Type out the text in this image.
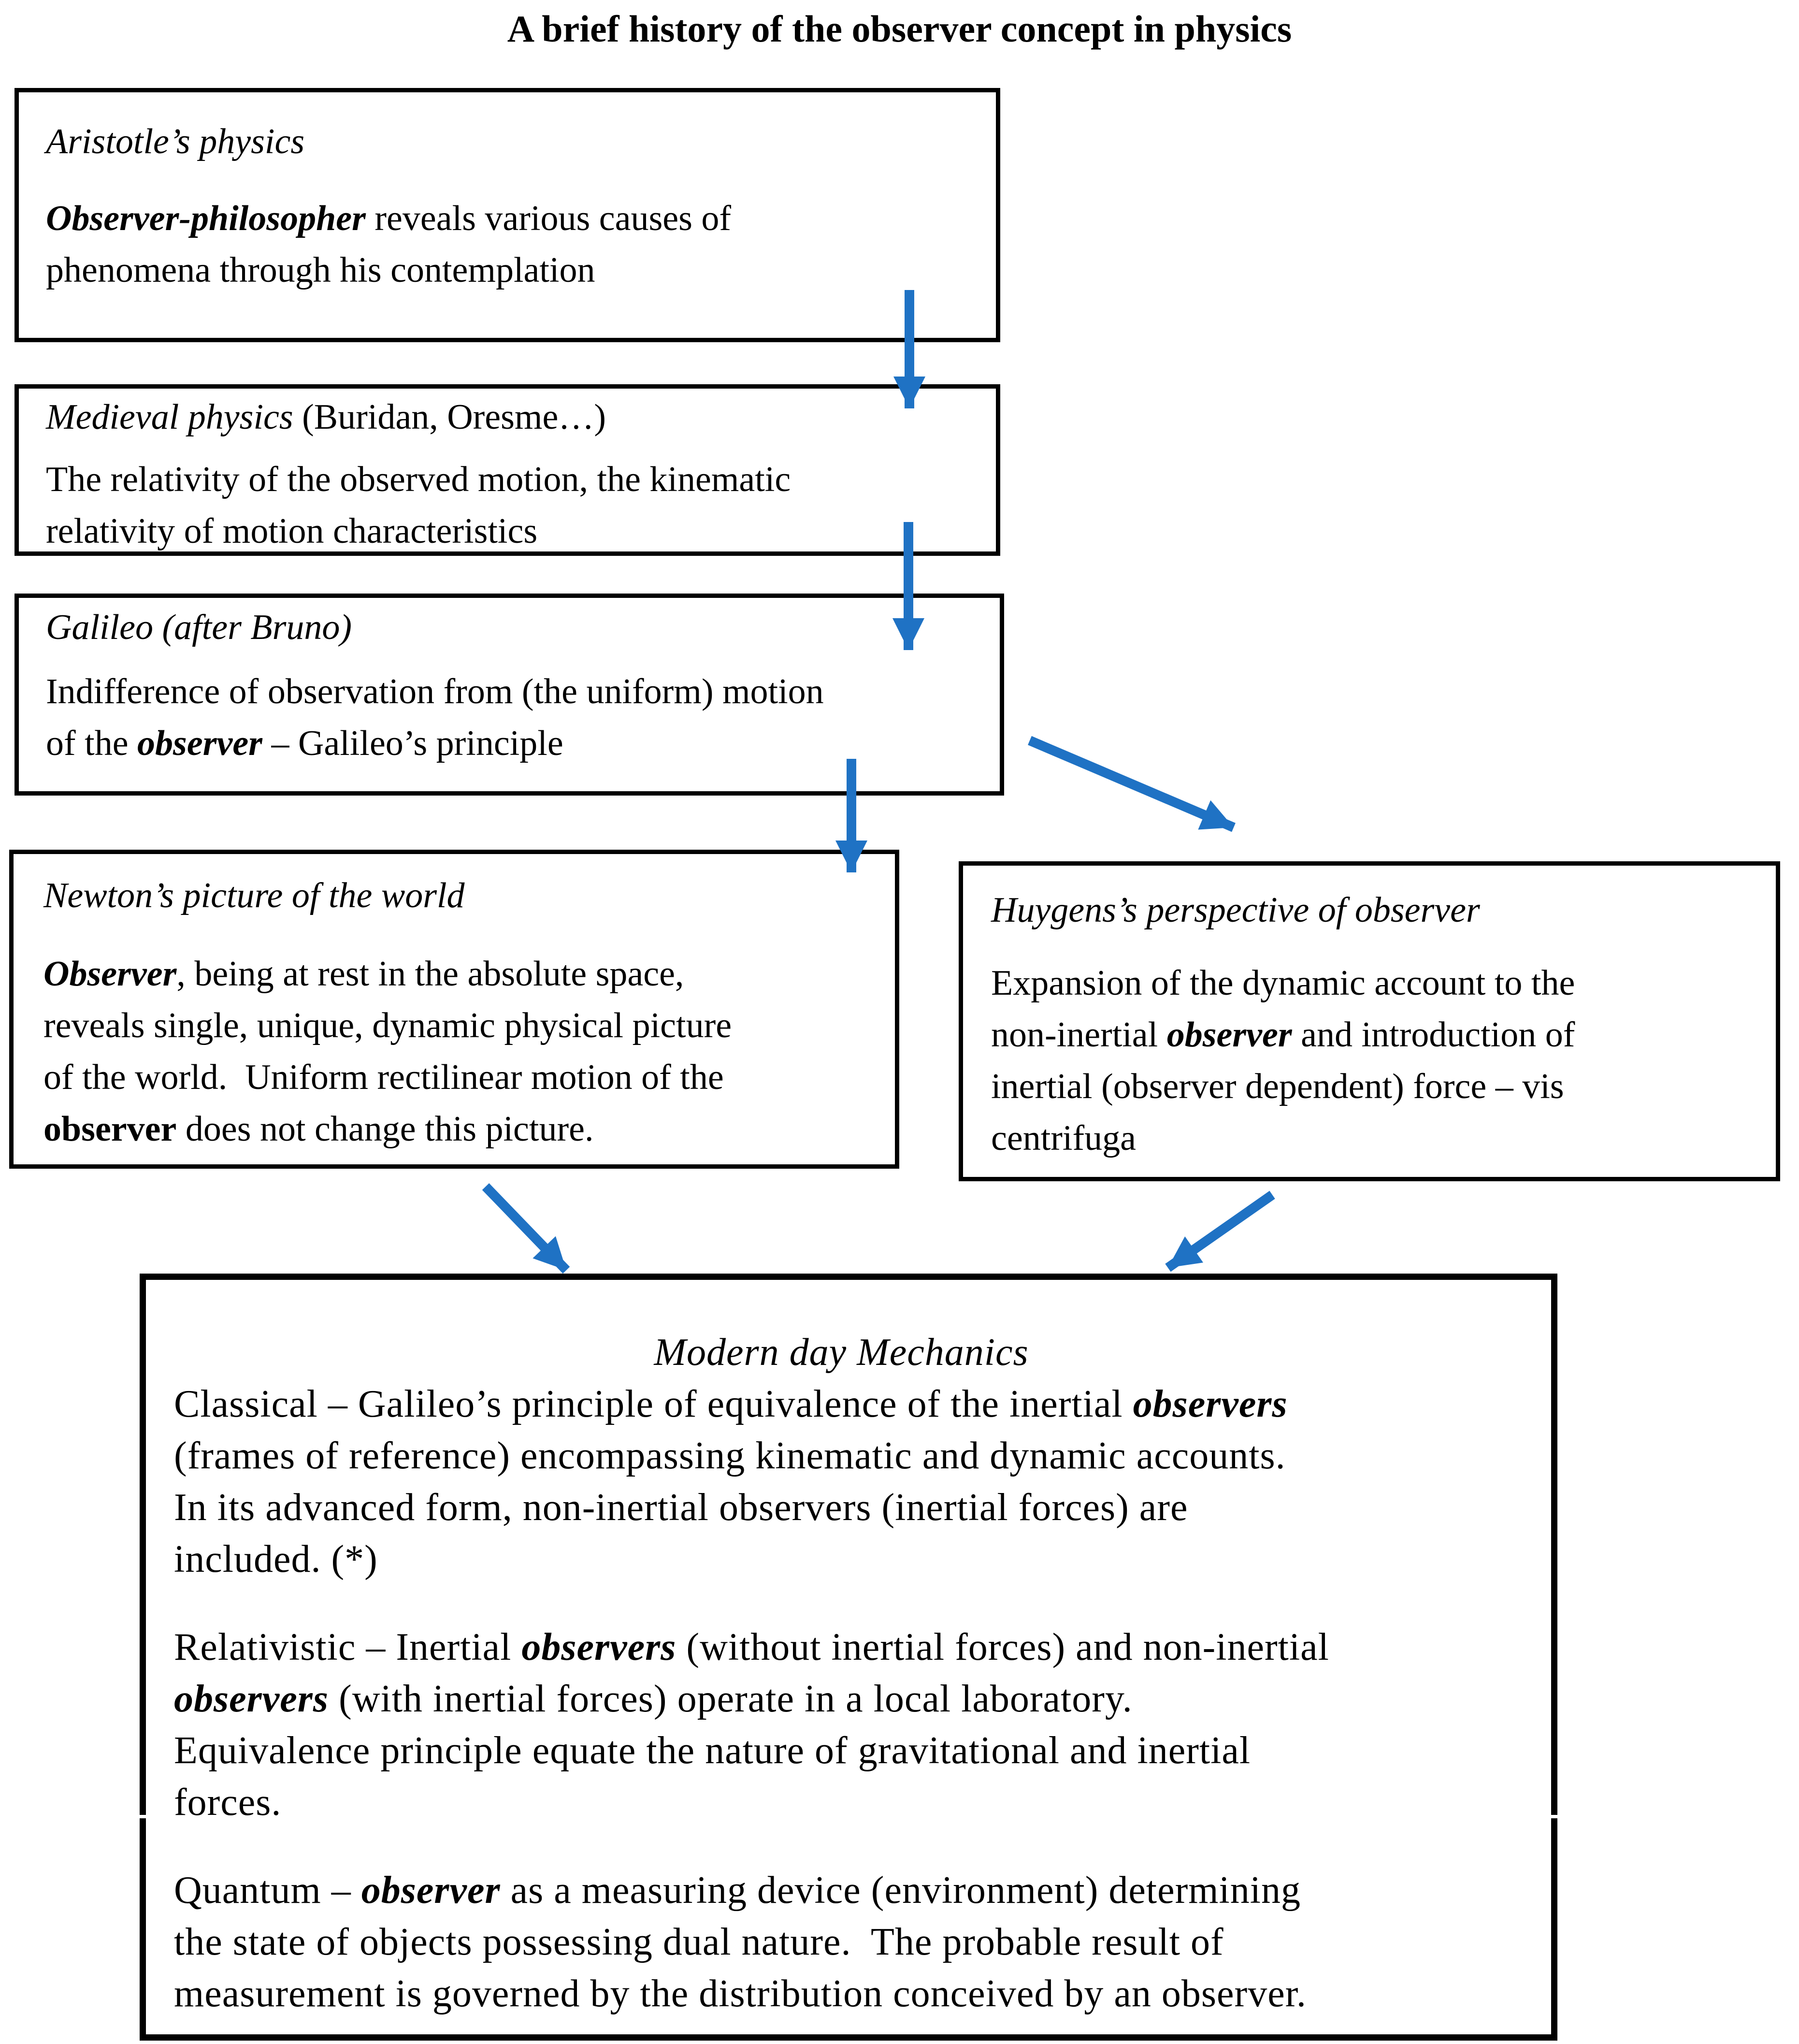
A brief history of the observer concept in physics
Aristotle’s physics
Observer-philosopher reveals various causes of
phenomena through his contemplation
Medieval physics (Buridan, Oresme…)
The relativity of the observed motion, the kinematic
relativity of motion characteristics
Galileo (after Bruno)
Indifference of observation from (the uniform) motion
of the observer – Galileo’s principle
Newton’s picture of the world
Observer, being at rest in the absolute space,
reveals single, unique, dynamic physical picture
of the world.  Uniform rectilinear motion of the
observer does not change this picture.
Huygens’s perspective of observer
Expansion of the dynamic account to the
non-inertial observer and introduction of
inertial (observer dependent) force – vis
centrifuga
Modern day Mechanics
Classical – Galileo’s principle of equivalence of the inertial observers
(frames of reference) encompassing kinematic and dynamic accounts.
In its advanced form, non-inertial observers (inertial forces) are
included. (*)
Relativistic – Inertial observers (without inertial forces) and non-inertial
observers (with inertial forces) operate in a local laboratory.
Equivalence principle equate the nature of gravitational and inertial
forces.
Quantum – observer as a measuring device (environment) determining
the state of objects possessing dual nature.  The probable result of
measurement is governed by the distribution conceived by an observer.
